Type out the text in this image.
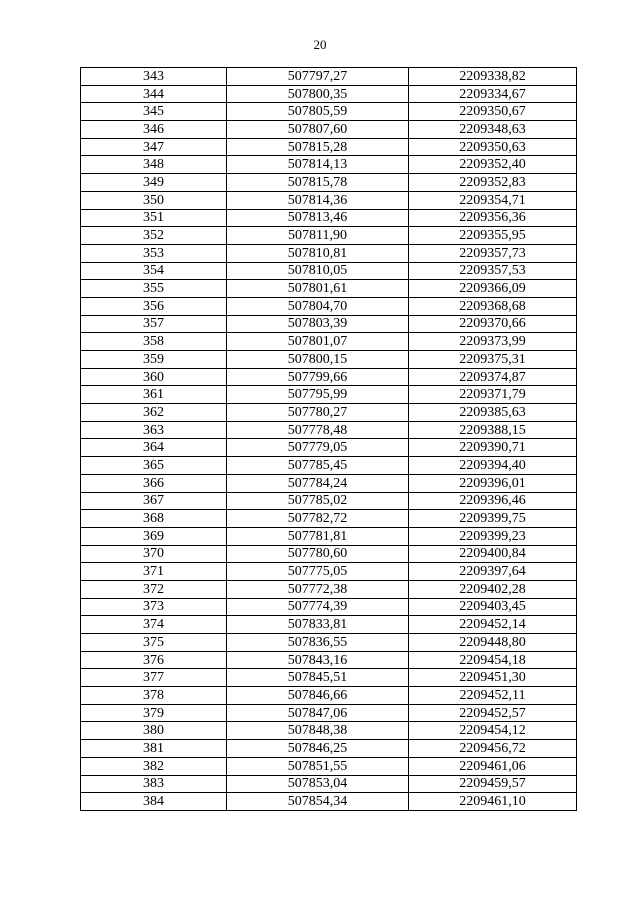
20
343	507797,27	2209338,82
344	507800,35	2209334,67
345	507805,59	2209350,67
346	507807,60	2209348,63
347	507815,28	2209350,63
348	507814,13	2209352,40
349	507815,78	2209352,83
350	507814,36	2209354,71
351	507813,46	2209356,36
352	507811,90	2209355,95
353	507810,81	2209357,73
354	507810,05	2209357,53
355	507801,61	2209366,09
356	507804,70	2209368,68
357	507803,39	2209370,66
358	507801,07	2209373,99
359	507800,15	2209375,31
360	507799,66	2209374,87
361	507795,99	2209371,79
362	507780,27	2209385,63
363	507778,48	2209388,15
364	507779,05	2209390,71
365	507785,45	2209394,40
366	507784,24	2209396,01
367	507785,02	2209396,46
368	507782,72	2209399,75
369	507781,81	2209399,23
370	507780,60	2209400,84
371	507775,05	2209397,64
372	507772,38	2209402,28
373	507774,39	2209403,45
374	507833,81	2209452,14
375	507836,55	2209448,80
376	507843,16	2209454,18
377	507845,51	2209451,30
378	507846,66	2209452,11
379	507847,06	2209452,57
380	507848,38	2209454,12
381	507846,25	2209456,72
382	507851,55	2209461,06
383	507853,04	2209459,57
384	507854,34	2209461,10
